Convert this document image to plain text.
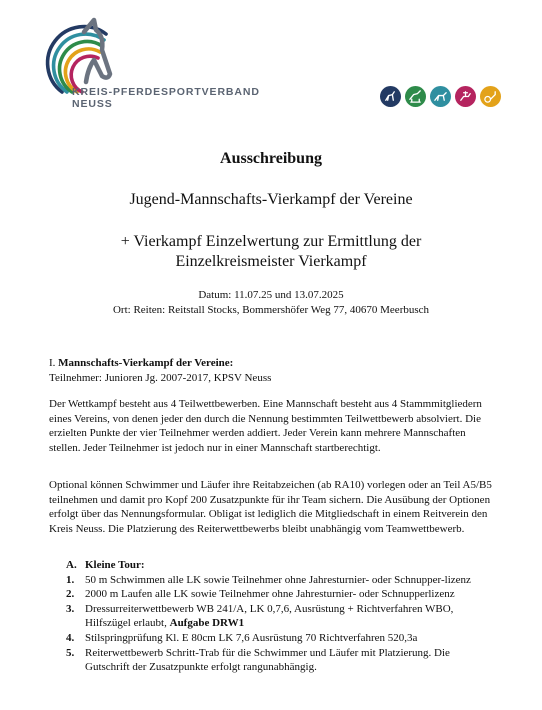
KREIS-PFERDESPORTVERBAND
NEUSS
Ausschreibung
Jugend-Mannschafts-Vierkampf der Vereine
+ Vierkampf Einzelwertung zur Ermittlung der
Einzelkreismeister Vierkampf
Datum: 11.07.25 und 13.07.2025
Ort: Reiten: Reitstall Stocks, Bommershöfer Weg 77, 40670 Meerbusch

I. Mannschafts-Vierkampf der Vereine:

Teilnehmer: Junioren Jg. 2007-2017, KPSV Neuss

Der Wettkampf besteht aus 4 Teilwettbewerben. Eine Mannschaft besteht aus 4 Stammmitgliedern eines Vereins, von denen jeder den durch die Nennung bestimmten Teilwettbewerb absolviert. Die erzielten Punkte der vier Teilnehmer werden addiert. Jeder Verein kann mehrere Mannschaften stellen. Jeder Teilnehmer ist jedoch nur in einer Mannschaft startberechtigt.

Optional können Schwimmer und Läufer ihre Reitabzeichen (ab RA10) vorlegen oder an Teil A5/B5 teilnehmen und damit pro Kopf 200 Zusatzpunkte für ihr Team sichern. Die Ausübung der Optionen erfolgt über das Nennungsformular. Obligat ist lediglich die Mitgliedschaft in einem Reitverein den Kreis Neuss. Die Platzierung des Reiterwettbewerbs bleibt unabhängig vom Teamwettbewerb.

A. Kleine Tour:
1. 50 m Schwimmen alle LK sowie Teilnehmer ohne Jahresturnier- oder Schnupper-lizenz
2. 2000 m Laufen alle LK sowie Teilnehmer ohne Jahresturnier- oder Schnupperlizenz
3. Dressurreiterwettbewerb WB 241/A, LK 0,7,6, Ausrüstung + Richtverfahren WBO, Hilfszügel erlaubt, Aufgabe DRW1
4. Stilspringprüfung Kl. E 80cm LK 7,6 Ausrüstung 70 Richtverfahren 520,3a
5. Reiterwettbewerb Schritt-Trab für die Schwimmer und Läufer mit Platzierung. Die Gutschrift der Zusatzpunkte erfolgt rangunabhängig.
